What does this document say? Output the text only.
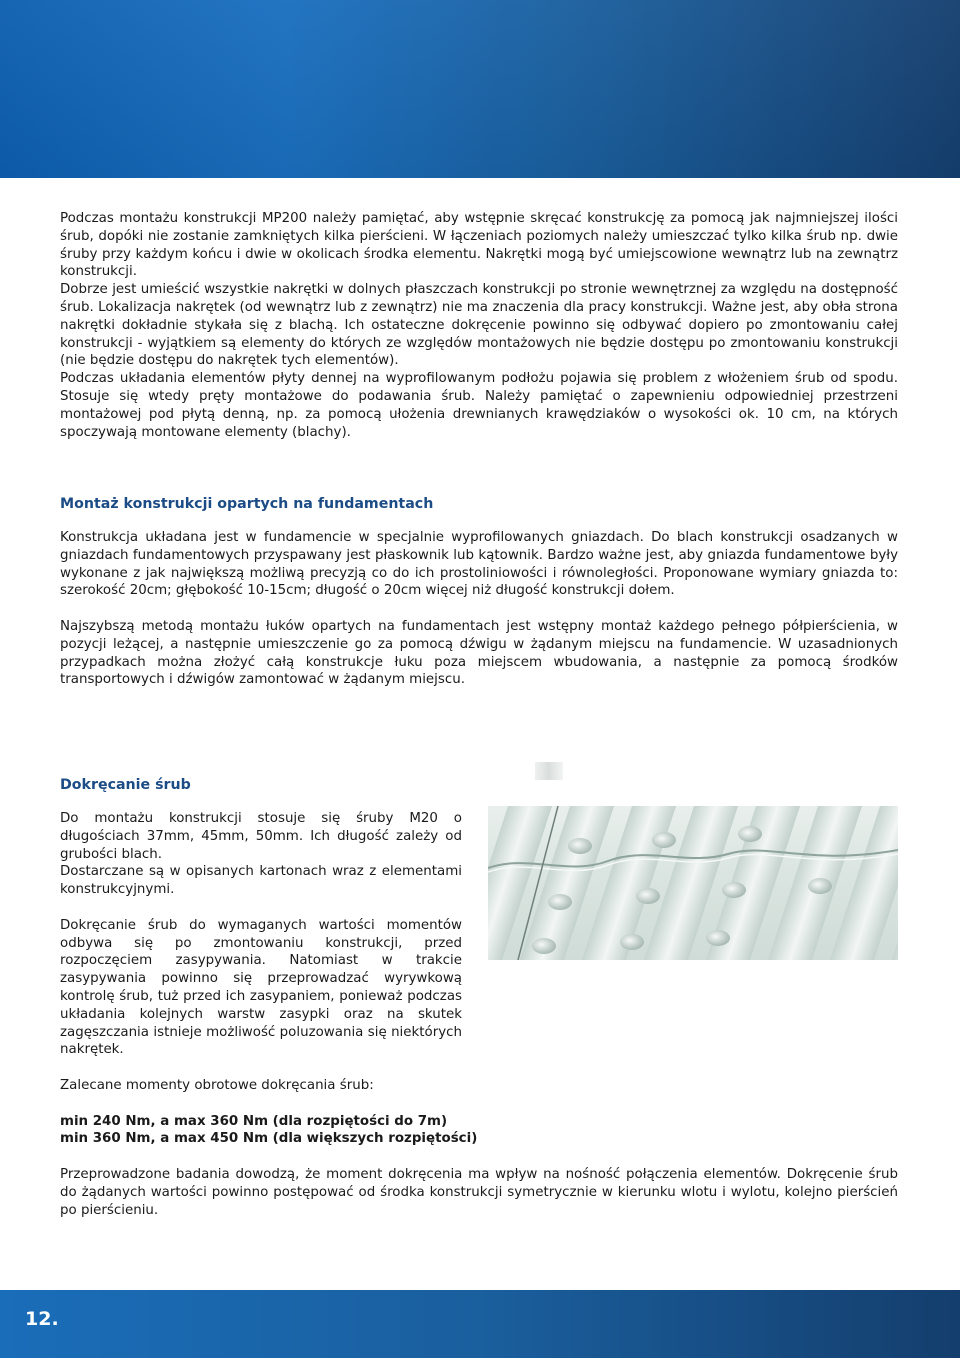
Podczas montażu konstrukcji MP200 należy pamiętać, aby wstępnie skręcać konstrukcję za pomocą jak najmniejszej ilości śrub, dopóki nie zostanie zamkniętych kilka pierścieni. W łączeniach poziomych należy umieszczać tylko kilka śrub np. dwie śruby przy każdym końcu i dwie w okolicach środka elementu. Nakrętki mogą być umiejscowione wewnątrz lub na zewnątrz konstrukcji.

Dobrze jest umieścić wszystkie nakrętki w dolnych płaszczach konstrukcji po stronie wewnętrznej za względu na dostępność śrub. Lokalizacja nakrętek (od wewnątrz lub z zewnątrz) nie ma znaczenia dla pracy konstrukcji. Ważne jest, aby obła strona nakrętki dokładnie stykała się z blachą. Ich ostateczne dokręcenie powinno się odbywać dopiero po zmontowaniu całej konstrukcji - wyjątkiem są elementy do których ze względów montażowych nie będzie dostępu po zmontowaniu konstrukcji (nie będzie dostępu do nakrętek tych elementów).

Podczas układania elementów płyty dennej na wyprofilowanym podłożu pojawia się problem z włożeniem śrub od spodu. Stosuje się wtedy pręty montażowe do podawania śrub. Należy pamiętać o zapewnieniu odpowiedniej przestrzeni montażowej pod płytą denną, np. za pomocą ułożenia drewnianych krawędziaków o wysokości ok. 10 cm, na których spoczywają montowane elementy (blachy).

Montaż konstrukcji opartych na fundamentach

Konstrukcja układana jest w fundamencie w specjalnie wyprofilowanych gniazdach. Do blach konstrukcji osadzanych w gniazdach fundamentowych przyspawany jest płaskownik lub kątownik. Bardzo ważne jest, aby gniazda fundamentowe były wykonane z jak największą możliwą precyzją co do ich prostoliniowości i równoległości. Proponowane wymiary gniazda to: szerokość 20cm; głębokość 10-15cm; długość o 20cm więcej niż długość konstrukcji dołem.

Najszybszą metodą montażu łuków opartych na fundamentach jest wstępny montaż każdego pełnego półpierścienia, w pozycji leżącej, a następnie umieszczenie go za pomocą dźwigu w żądanym miejscu na fundamencie. W uzasadnionych przypadkach można złożyć całą konstrukcje łuku poza miejscem wbudowania, a następnie za pomocą środków transportowych i dźwigów zamontować w żądanym miejscu.

Dokręcanie śrub

Do montażu konstrukcji stosuje się śruby M20 o długościach 37mm, 45mm, 50mm. Ich długość zależy od grubości blach.

Dostarczane są w opisanych kartonach wraz z elementami konstrukcyjnymi.

Dokręcanie śrub do wymaganych wartości momentów odbywa się po zmontowaniu konstrukcji, przed rozpoczęciem zasypywania. Natomiast w trakcie zasypywania powinno się przeprowadzać wyrywkową kontrolę śrub, tuż przed ich zasypaniem, ponieważ podczas układania kolejnych warstw zasypki oraz na skutek zagęszczania istnieje możliwość poluzowania się niektórych nakrętek.

Zalecane momenty obrotowe dokręcania śrub:

min 240 Nm, a max 360 Nm (dla rozpiętości do 7m)

min 360 Nm, a max 450 Nm (dla większych rozpiętości)

Przeprowadzone badania dowodzą, że moment dokręcenia ma wpływ na nośność połączenia elementów. Dokręcenie śrub do żądanych wartości powinno postępować od środka konstrukcji symetrycznie w kierunku wlotu i wylotu, kolejno pierścień po pierścieniu.

12.
